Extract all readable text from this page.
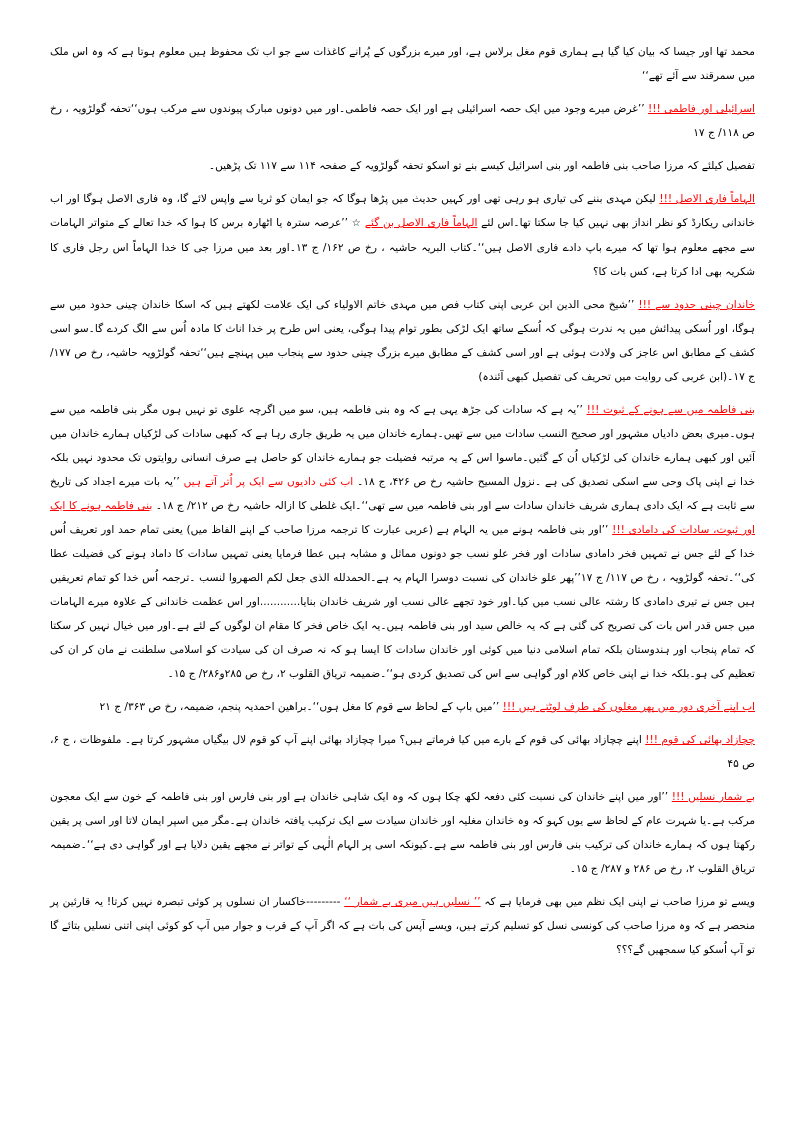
محمد تھا اور جیسا کہ بیان کیا گیا ہے ہماری قوم مغل برلاس ہے، اور میرے بزرگوں کے پُرانے کاغذات سے جو اب تک محفوظ ہیں معلوم ہوتا ہے کہ وہ اس ملک میں سمرقند سے آئے تھے‘‘

اسرائیلی اور فاطمی !!! ’’غرض میرے وجود میں ایک حصہ اسرائیلی ہے اور ایک حصہ فاطمی۔اور میں دونوں مبارک پیوندوں سے مرکب ہوں‘‘تحفہ گولڑویہ ، رخ ص ۱۱۸/ ج ۱۷

تفصیل کیلئے کہ مرزا صاحب بنی فاطمہ اور بنی اسرائیل کیسے بنے تو اسکو تحفہ گولڑویہ کے صفحہ ۱۱۴ سے ۱۱۷ تک پڑھیں۔

الہاماً فاری الاصل !!! لیکن مہدی بننے کی تیاری ہو رہی تھی اور کہیں حدیث میں پڑھا ہوگا کہ جو ایمان کو ثریا سے واپس لائے گا، وہ فاری الاصل ہوگا اور اب خاندانی ریکارڈ کو نظر انداز بھی نہیں کیا جا سکتا تھا۔اس لئے الہاماً فاری الاصل بن گئے ☆ ’’عرصہ سترہ یا اٹھارہ برس کا ہوا کہ خدا تعالے کے متواتر الہامات سے مجھے معلوم ہوا تھا کہ میرے باپ دادے فاری الاصل ہیں‘‘۔کتاب البریہ حاشیہ ، رخ ص ۱۶۲/ ج ۱۳۔اور بعد میں مرزا جی کا خدا الہاماً اس رجل فاری کا شکریہ بھی ادا کرتا ہے، کس بات کا؟

خاندان چینی حدود سے !!! ’’شیخ محی الدین ابن عربی اپنی کتاب فص میں مہدی خاتم الاولیاء کی ایک علامت لکھتے ہیں کہ اسکا خاندان چینی حدود میں سے ہوگا، اور اُسکی پیدائش میں یہ ندرت ہوگی کہ اُسکے ساتھ ایک لڑکی بطور توام پیدا ہوگی، یعنی اس طرح پر خدا اناث کا مادہ اُس سے الگ کردے گا۔سو اسی کشف کے مطابق اس عاجز کی ولادت ہوئی ہے اور اسی کشف کے مطابق میرے بزرگ چینی حدود سے پنجاب میں پہنچے ہیں‘‘تحفہ گولڑویہ حاشیہ، رخ ص ۱۷۷/ ج ۱۷۔(ابن عربی کی روایت میں تحریف کی تفصیل کبھی آئندہ)

بنی فاطمہ میں سے ہونے کے ثبوت !!! ’’یہ ہے کہ سادات کی جڑھ یہی ہے کہ وہ بنی فاطمہ ہیں، سو میں اگرچہ علوی تو نہیں ہوں مگر بنی فاطمہ میں سے ہوں۔میری بعض دادیاں مشہور اور صحیح النسب سادات میں سے تھیں۔ہمارے خاندان میں یہ طریق جاری رہا ہے کہ کبھی سادات کی لڑکیاں ہمارے خاندان میں آئیں اور کبھی ہمارے خاندان کی لڑکیاں اُن کے گئیں۔ماسوا اس کے یہ مرتبہ فضیلت جو ہمارے خاندان کو حاصل ہے صرف انسانی روایتوں تک محدود نہیں بلکہ خدا نے اپنی پاک وحی سے اسکی تصدیق کی ہے ۔نزول المسیح حاشیہ رخ ص ۴۲۶، ج ۱۸۔ اب کئی دادیوں سے ایک پر اُتر آتے ہیں ’’یہ بات میرے اجداد کی تاریخ سے ثابت ہے کہ ایک دادی ہماری شریف خاندان سادات سے اور بنی فاطمہ میں سے تھی‘‘۔ایک غلطی کا ازالہ حاشیہ رخ ص ۲۱۲/ ج ۱۸۔ بنی فاطمہ ہونے کا ایک اور ثبوت، سادات کی دامادی !!! ’’اور بنی فاطمہ ہونے میں یہ الہام ہے (عربی عبارت کا ترجمہ مرزا صاحب کے اپنے الفاظ میں) یعنی تمام حمد اور تعریف اُس خدا کے لئے جس نے تمہیں فخر دامادی سادات اور فخر علو نسب جو دونوں مماثل و مشابہ ہیں عطا فرمایا یعنی تمہیں سادات کا داماد ہونے کی فضیلت عطا کی‘‘۔تحفہ گولڑویہ ، رخ ص ۱۱۷/ ج ۱۷’’پھر علو خاندان کی نسبت دوسرا الہام یہ ہے۔الحمدلله الذی جعل لکم الصھروا لنسب ۔ترجمہ اُس خدا کو تمام تعریفیں ہیں جس نے تیری دامادی کا رشتہ عالی نسب میں کیا۔اور خود تجھے عالی نسب اور شریف خاندان بنایا............اور اس عظمت خاندانی کے علاوہ میرے الہامات میں جس قدر اس بات کی تصریح کی گئی ہے کہ یہ خالص سید اور بنی فاطمہ ہیں۔یہ ایک خاص فخر کا مقام ان لوگوں کے لئے ہے۔اور میں خیال نہیں کر سکتا کہ تمام پنجاب اور ہندوستان بلکہ تمام اسلامی دنیا میں کوئی اور خاندان سادات کا ایسا ہو کہ نہ صرف ان کی سیادت کو اسلامی سلطنت نے مان کر ان کی تعظیم کی ہو۔بلکہ خدا نے اپنی خاص کلام اور گواہی سے اس کی تصدیق کردی ہو‘‘۔ضمیمہ تریاق القلوب ۲، رخ ص ۲۸۵و۲۸۶/ ج ۱۵۔

اب اپنے آخری دور میں پھر مغلوں کی طرف لوٹتے ہیں !!! ’’میں باپ کے لحاظ سے قوم کا مغل ہوں‘‘۔براھین احمدیہ پنجم، ضمیمہ، رخ ص ۳۶۳/ ج ۲۱

چچازاد بھائی کی قوم !!! اپنے چچازاد بھائی کی قوم کے بارے میں کیا فرماتے ہیں؟ میرا چچازاد بھائی اپنے آپ کو قوم لال بیگیاں مشہور کرتا ہے۔ ملفوظات ، ج ۶، ص ۴۵

بے شمار نسلیں !!! ’’اور میں اپنے خاندان کی نسبت کئی دفعہ لکھ چکا ہوں کہ وہ ایک شاہی خاندان ہے اور بنی فارس اور بنی فاطمہ کے خون سے ایک معجون مرکب ہے۔یا شہرت عام کے لحاظ سے یوں کہو کہ وہ خاندان مغلیہ اور خاندان سیادت سے ایک ترکیب یافتہ خاندان ہے۔مگر میں اسپر ایمان لاتا اور اسی پر یقین رکھتا ہوں کہ ہمارے خاندان کی ترکیب بنی فارس اور بنی فاطمہ سے ہے۔کیونکہ اسی پر الہام الٰہی کے تواتر نے مجھے یقین دلایا ہے اور گواہی دی ہے‘‘۔ضمیمہ تریاق القلوب ۲، رخ ص ۲۸۶ و ۲۸۷/ ج ۱۵۔

ویسے تو مرزا صاحب نے اپنی ایک نظم میں بھی فرمایا ہے کہ ’’ نسلیں ہیں میری بے شمار ‘‘ ---------خاکسار ان نسلوں پر کوئی تبصرہ نہیں کرتا! یہ قارئین پر منحصر ہے کہ وہ مرزا صاحب کی کونسی نسل کو تسلیم کرتے ہیں، ویسے آپس کی بات ہے کہ اگر آپ کے قرب و جوار میں آپ کو کوئی اپنی اتنی نسلیں بتائے گا تو آپ اُسکو کیا سمجھیں گے؟؟؟
